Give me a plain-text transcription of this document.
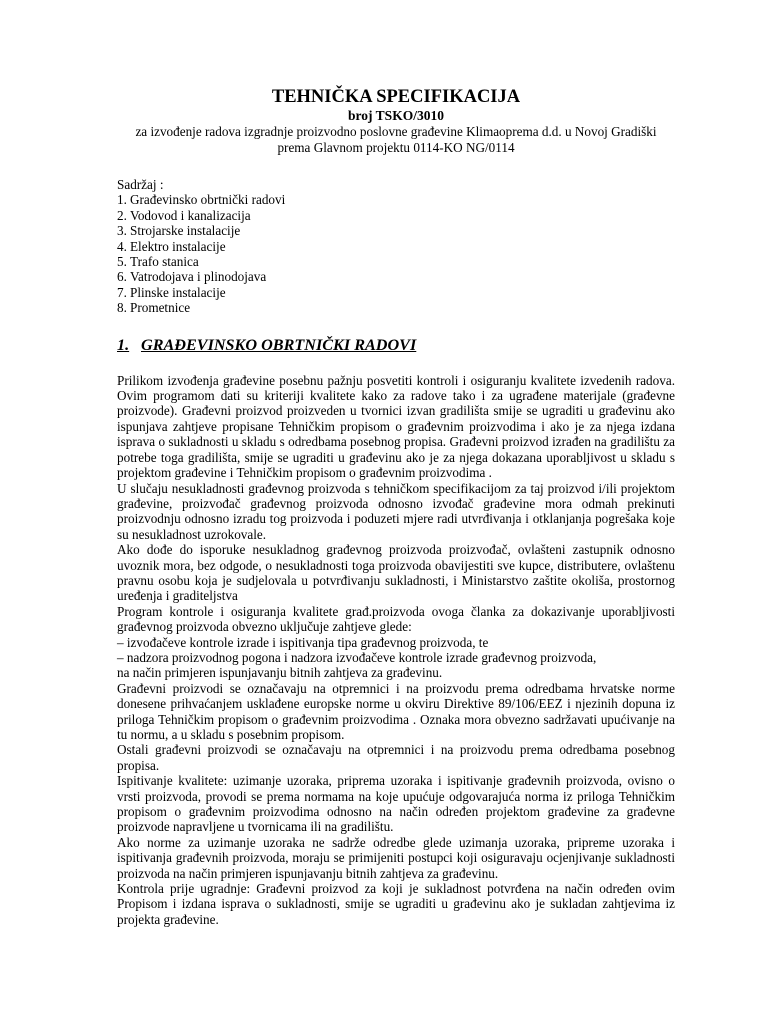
TEHNIČKA SPECIFIKACIJA

broj TSKO/3010

za izvođenje radova izgradnje proizvodno poslovne građevine Klimaoprema d.d. u Novoj Gradiški

prema Glavnom projektu 0114-KO NG/0114

Sadržaj :

1. Građevinsko obrtnički radovi
2. Vodovod i kanalizacija
3. Strojarske instalacije
4. Elektro instalacije
5. Trafo stanica
6. Vatrodojava i plinodojava
7. Plinske instalacije
8. Prometnice
1. GRAĐEVINSKO OBRTNIČKI RADOVI

Prilikom izvođenja građevine posebnu pažnju posvetiti kontroli i osiguranju kvalitete izvedenih radova. Ovim programom dati su kriteriji kvalitete kako za radove tako i za ugrađene materijale (građevne proizvode). Građevni proizvod proizveden u tvornici izvan gradilišta smije se ugraditi u građevinu ako ispunjava zahtjeve propisane Tehničkim propisom o građevnim proizvodima i ako je za njega izdana isprava o sukladnosti u skladu s odredbama posebnog propisa. Građevni proizvod izrađen na gradilištu za potrebe toga gradilišta, smije se ugraditi u građevinu ako je za njega dokazana uporabljivost u skladu s projektom građevine i Tehničkim propisom o građevnim proizvodima .

U slučaju nesukladnosti građevnog proizvoda s tehničkom specifikacijom za taj proizvod i/ili projektom građevine, proizvođač građevnog proizvoda odnosno izvođač građevine mora odmah prekinuti proizvodnju odnosno izradu tog proizvoda i poduzeti mjere radi utvrđivanja i otklanjanja pogrešaka koje su nesukladnost uzrokovale.

Ako dođe do isporuke nesukladnog građevnog proizvoda proizvođač, ovlašteni zastupnik odnosno uvoznik mora, bez odgode, o nesukladnosti toga proizvoda obavijestiti sve kupce, distributere, ovlaštenu pravnu osobu koja je sudjelovala u potvrđivanju sukladnosti, i Ministarstvo zaštite okoliša, prostornog uređenja i graditeljstva

Program kontrole i osiguranja kvalitete građ.proizvoda ovoga članka za dokazivanje uporabljivosti građevnog proizvoda obvezno uključuje zahtjeve glede:

– izvođačeve kontrole izrade i ispitivanja tipa građevnog proizvoda, te

– nadzora proizvodnog pogona i nadzora izvođačeve kontrole izrade građevnog proizvoda,

na način primjeren ispunjavanju bitnih zahtjeva za građevinu.

Građevni proizvodi se označavaju na otpremnici i na proizvodu prema odredbama hrvatske norme donesene prihvaćanjem usklađene europske norme u okviru Direktive 89/106/EEZ i njezinih dopuna iz priloga Tehničkim propisom o građevnim proizvodima . Oznaka mora obvezno sadržavati upućivanje na tu normu, a u skladu s posebnim propisom.

Ostali građevni proizvodi se označavaju na otpremnici i na proizvodu prema odredbama posebnog propisa.

Ispitivanje kvalitete: uzimanje uzoraka, priprema uzoraka i ispitivanje građevnih proizvoda, ovisno o vrsti proizvoda, provodi se prema normama na koje upućuje odgovarajuća norma iz priloga Tehničkim propisom o građevnim proizvodima odnosno na način određen projektom građevine za građevne proizvode napravljene u tvornicama ili na gradilištu.

Ako norme za uzimanje uzoraka ne sadrže odredbe glede uzimanja uzoraka, pripreme uzoraka i ispitivanja građevnih proizvoda, moraju se primijeniti postupci koji osiguravaju ocjenjivanje sukladnosti proizvoda na način primjeren ispunjavanju bitnih zahtjeva za građevinu.

Kontrola prije ugradnje: Građevni proizvod za koji je sukladnost potvrđena na način određen ovim Propisom i izdana isprava o sukladnosti, smije se ugraditi u građevinu ako je sukladan zahtjevima iz projekta građevine.
